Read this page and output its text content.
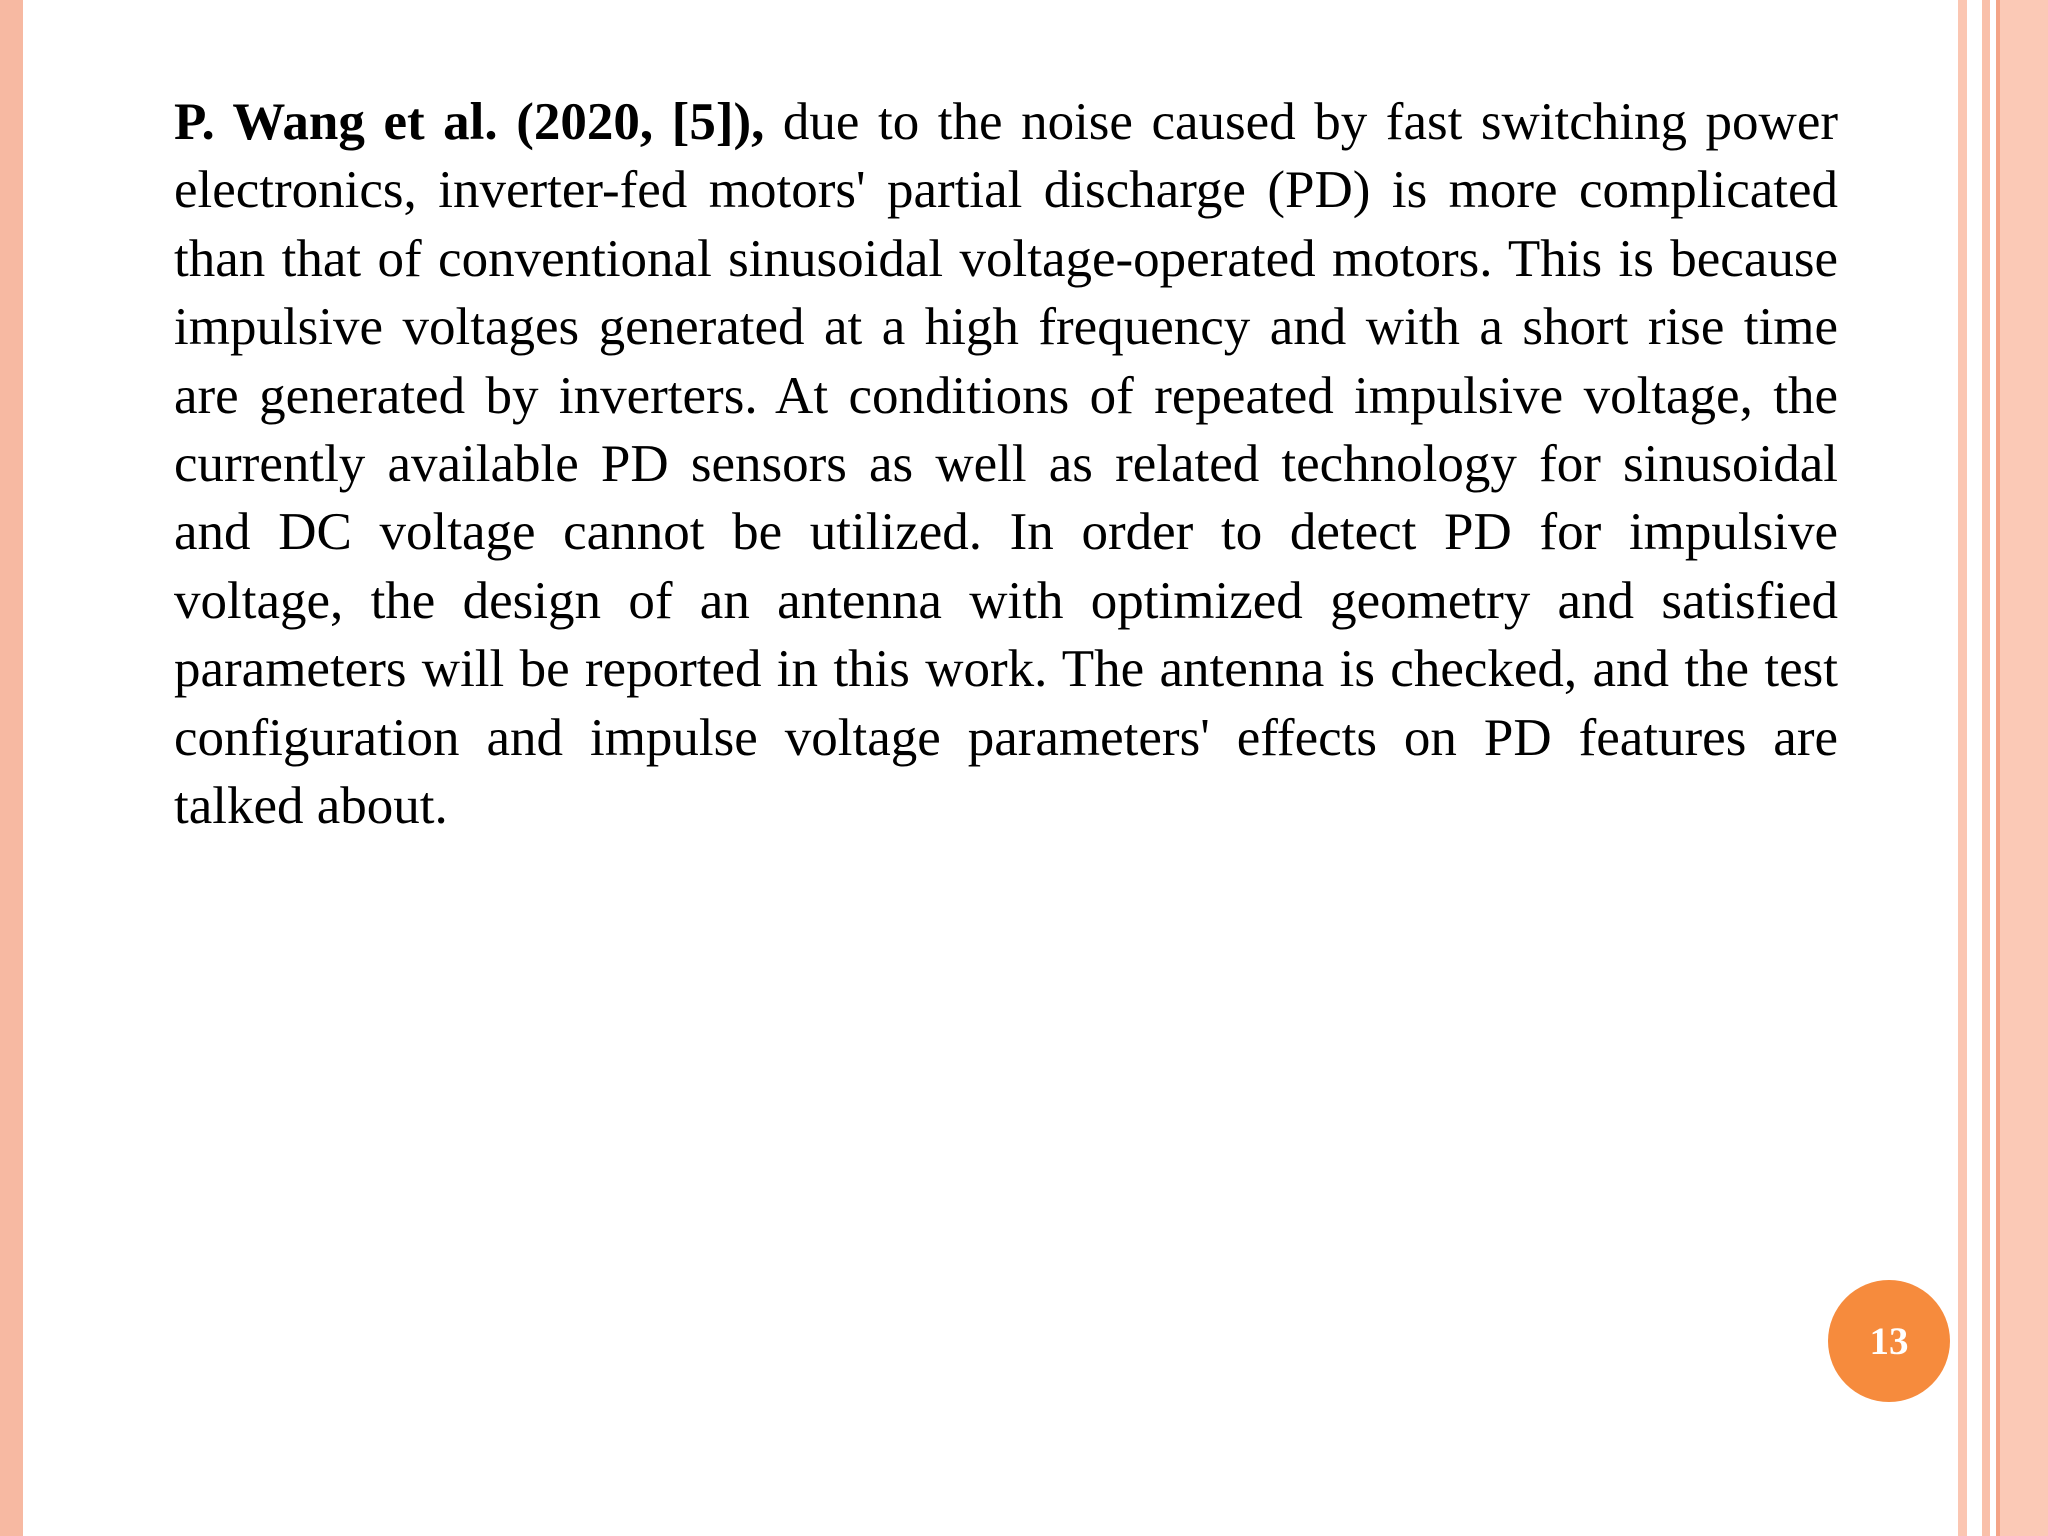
P. Wang et al. (2020, [5]), due to the noise caused by fast switching power electronics, inverter-fed motors' partial discharge (PD) is more complicated than that of conventional sinusoidal voltage-operated motors. This is because impulsive voltages generated at a high frequency and with a short rise time are generated by inverters. At conditions of repeated impulsive voltage, the currently available PD sensors as well as related technology for sinusoidal and DC voltage cannot be utilized. In order to detect PD for impulsive voltage, the design of an antenna with optimized geometry and satisfied parameters will be reported in this work. The antenna is checked, and the test configuration and impulse voltage parameters' effects on PD features are talked about.

13
